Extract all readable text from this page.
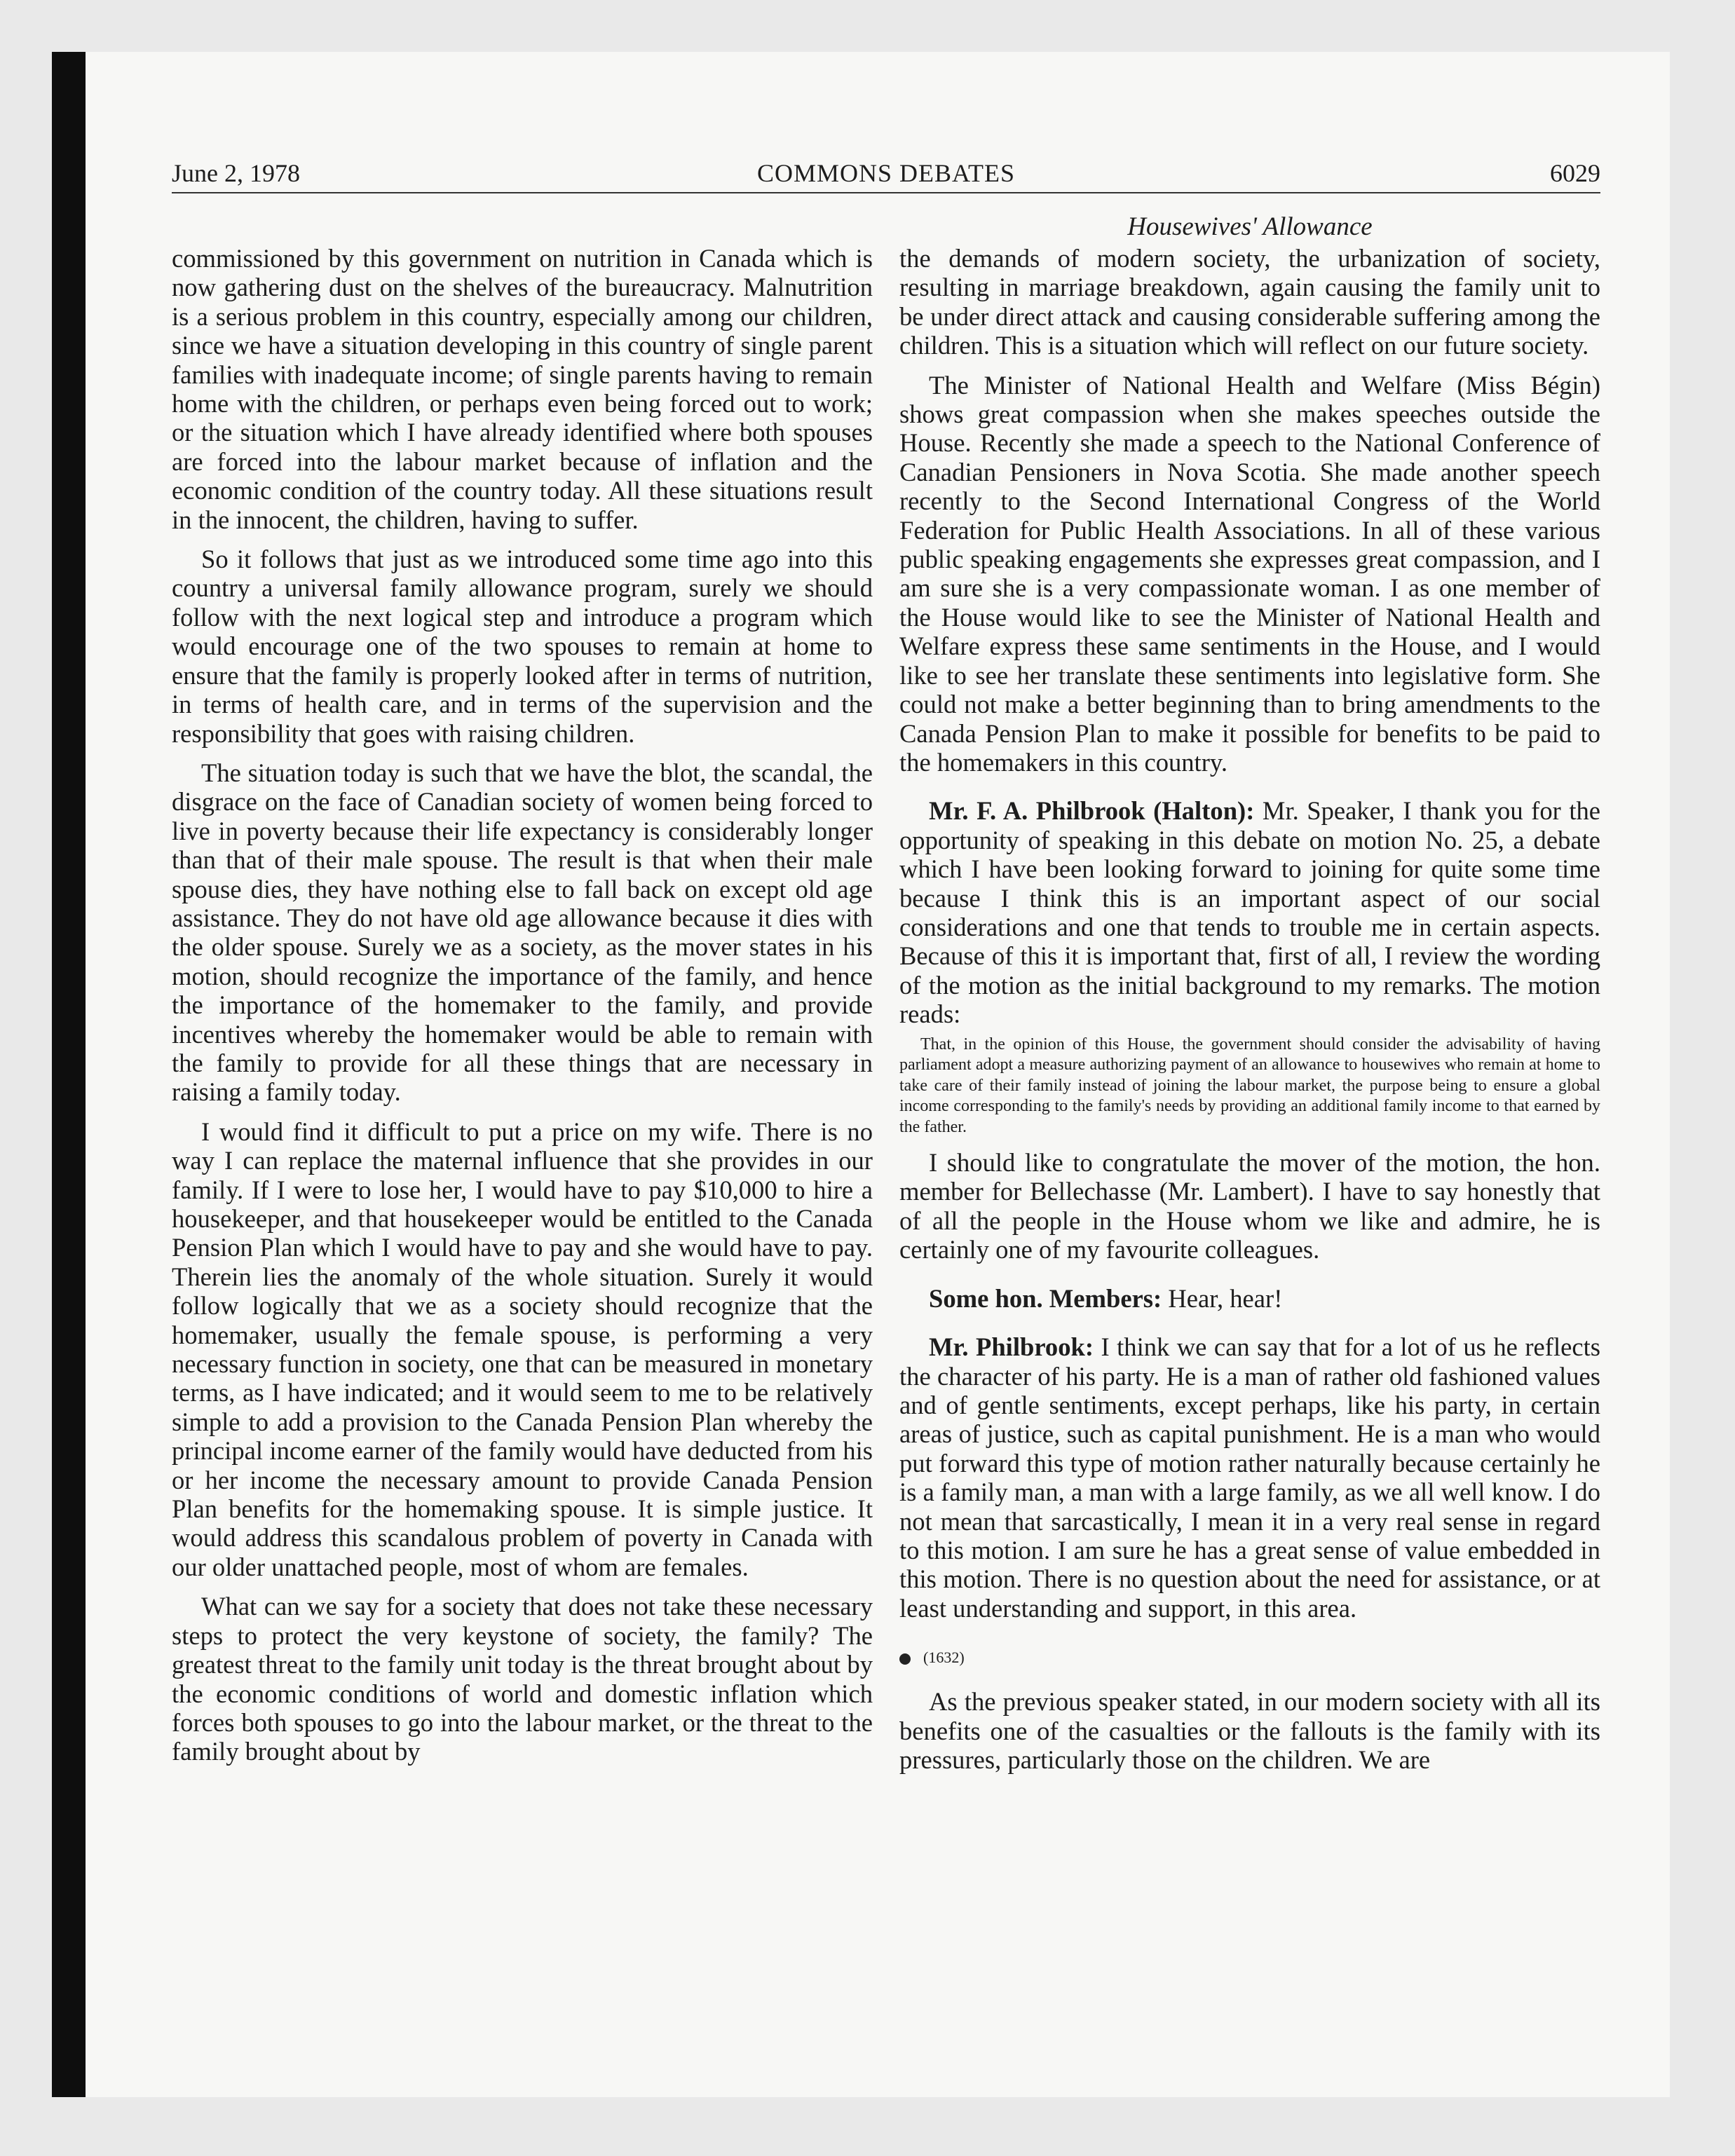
June 2, 1978	COMMONS DEBATES	6029

commissioned by this government on nutrition in Canada which is now gathering dust on the shelves of the bureaucracy. Malnutrition is a serious problem in this country, especially among our children, since we have a situation developing in this country of single parent families with inadequate income; of single parents having to remain home with the children, or perhaps even being forced out to work; or the situation which I have already identified where both spouses are forced into the labour market because of inflation and the economic condition of the country today. All these situations result in the innocent, the children, having to suffer.

So it follows that just as we introduced some time ago into this country a universal family allowance program, surely we should follow with the next logical step and introduce a program which would encourage one of the two spouses to remain at home to ensure that the family is properly looked after in terms of nutrition, in terms of health care, and in terms of the supervision and the responsibility that goes with raising children.

The situation today is such that we have the blot, the scandal, the disgrace on the face of Canadian society of women being forced to live in poverty because their life expectancy is considerably longer than that of their male spouse. The result is that when their male spouse dies, they have nothing else to fall back on except old age assistance. They do not have old age allowance because it dies with the older spouse. Surely we as a society, as the mover states in his motion, should recognize the importance of the family, and hence the importance of the homemaker to the family, and provide incentives whereby the homemaker would be able to remain with the family to provide for all these things that are necessary in raising a family today.

I would find it difficult to put a price on my wife. There is no way I can replace the maternal influence that she provides in our family. If I were to lose her, I would have to pay $10,000 to hire a housekeeper, and that housekeeper would be entitled to the Canada Pension Plan which I would have to pay and she would have to pay. Therein lies the anomaly of the whole situation. Surely it would follow logically that we as a society should recognize that the homemaker, usually the female spouse, is performing a very necessary function in society, one that can be measured in monetary terms, as I have indicated; and it would seem to me to be relatively simple to add a provision to the Canada Pension Plan whereby the principal income earner of the family would have deducted from his or her income the necessary amount to provide Canada Pension Plan benefits for the homemaking spouse. It is simple justice. It would address this scandalous problem of poverty in Canada with our older unattached people, most of whom are females.

What can we say for a society that does not take these necessary steps to protect the very keystone of society, the family? The greatest threat to the family unit today is the threat brought about by the economic conditions of world and domestic inflation which forces both spouses to go into the labour market, or the threat to the family brought about by

Housewives' Allowance

the demands of modern society, the urbanization of society, resulting in marriage breakdown, again causing the family unit to be under direct attack and causing considerable suffering among the children. This is a situation which will reflect on our future society.

The Minister of National Health and Welfare (Miss Bégin) shows great compassion when she makes speeches outside the House. Recently she made a speech to the National Conference of Canadian Pensioners in Nova Scotia. She made another speech recently to the Second International Congress of the World Federation for Public Health Associations. In all of these various public speaking engagements she expresses great compassion, and I am sure she is a very compassionate woman. I as one member of the House would like to see the Minister of National Health and Welfare express these same sentiments in the House, and I would like to see her translate these sentiments into legislative form. She could not make a better beginning than to bring amendments to the Canada Pension Plan to make it possible for benefits to be paid to the homemakers in this country.

Mr. F. A. Philbrook (Halton): Mr. Speaker, I thank you for the opportunity of speaking in this debate on motion No. 25, a debate which I have been looking forward to joining for quite some time because I think this is an important aspect of our social considerations and one that tends to trouble me in certain aspects. Because of this it is important that, first of all, I review the wording of the motion as the initial background to my remarks. The motion reads:

That, in the opinion of this House, the government should consider the advisability of having parliament adopt a measure authorizing payment of an allowance to housewives who remain at home to take care of their family instead of joining the labour market, the purpose being to ensure a global income corresponding to the family's needs by providing an additional family income to that earned by the father.

I should like to congratulate the mover of the motion, the hon. member for Bellechasse (Mr. Lambert). I have to say honestly that of all the people in the House whom we like and admire, he is certainly one of my favourite colleagues.

Some hon. Members: Hear, hear!

Mr. Philbrook: I think we can say that for a lot of us he reflects the character of his party. He is a man of rather old fashioned values and of gentle sentiments, except perhaps, like his party, in certain areas of justice, such as capital punishment. He is a man who would put forward this type of motion rather naturally because certainly he is a family man, a man with a large family, as we all well know. I do not mean that sarcastically, I mean it in a very real sense in regard to this motion. I am sure he has a great sense of value embedded in this motion. There is no question about the need for assistance, or at least understanding and support, in this area.

(1632)

As the previous speaker stated, in our modern society with all its benefits one of the casualties or the fallouts is the family with its pressures, particularly those on the children. We are
